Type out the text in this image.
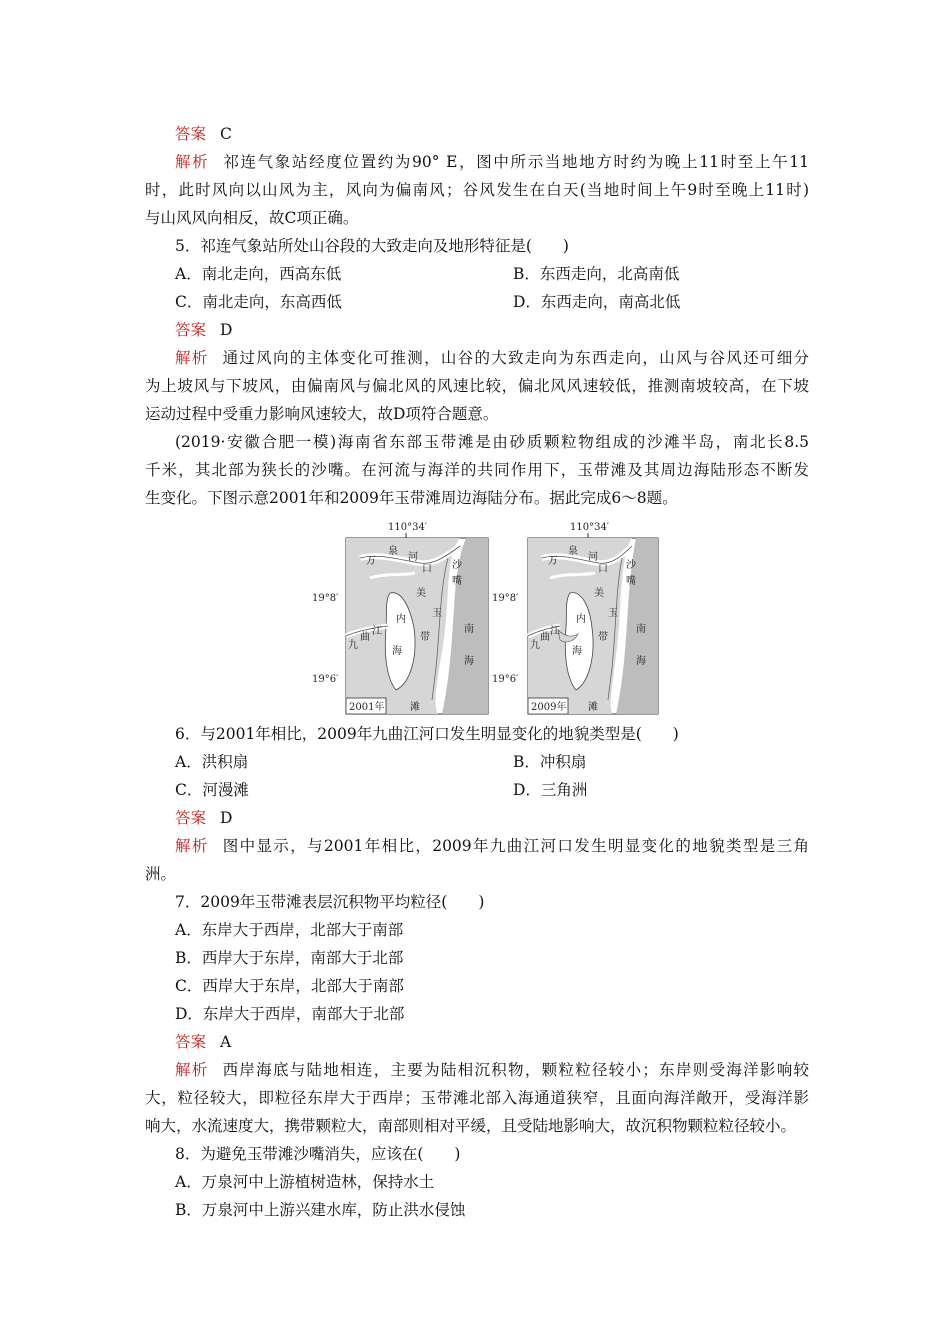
答案 C
解析 祁连气象站经度位置约为90° E，图中所示当地地方时约为晚上11时至上午11
时，此时风向以山风为主，风向为偏南风；谷风发生在白天(当地时间上午9时至晚上11时)
与山风风向相反，故C项正确。
5．祁连气象站所处山谷段的大致走向及地形特征是(　　)
A．南北走向，西高东低	B．东西走向，北高南低
C．南北走向，东高西低	D．东西走向，南高北低
答案 D
解析 通过风向的主体变化可推测，山谷的大致走向为东西走向，山风与谷风还可细分
为上坡风与下坡风，由偏南风与偏北风的风速比较，偏北风风速较低，推测南坡较高，在下坡
运动过程中受重力影响风速较大，故D项符合题意。
(2019·安徽合肥一模)海南省东部玉带滩是由砂质颗粒物组成的沙滩半岛，南北长8.5
千米，其北部为狭长的沙嘴。在河流与海洋的共同作用下，玉带滩及其周边海陆形态不断发
生变化。下图示意2001年和2009年玉带滩周边海陆分布。据此完成6～8题。
110°34′
19°8′
19°6′
万
泉
河
口 沙
嘴
美
玉
带
滩
内
海
九
曲
江	南
海
2001年
110°34′
19°8′
19°6′
万
泉
河
口 沙
嘴
美
玉
带
滩
内
海
九
曲
江	南
海
2009年
6．与2001年相比，2009年九曲江河口发生明显变化的地貌类型是(　　)
A．洪积扇	B．冲积扇
C．河漫滩	D．三角洲
答案 D
解析 图中显示，与2001年相比，2009年九曲江河口发生明显变化的地貌类型是三角
洲。
7．2009年玉带滩表层沉积物平均粒径(　　)
A．东岸大于西岸，北部大于南部
B．西岸大于东岸，南部大于北部
C．西岸大于东岸，北部大于南部
D．东岸大于西岸，南部大于北部
答案 A
解析 西岸海底与陆地相连，主要为陆相沉积物，颗粒粒径较小；东岸则受海洋影响较
大，粒径较大，即粒径东岸大于西岸；玉带滩北部入海通道狭窄，且面向海洋敞开，受海洋影
响大，水流速度大，携带颗粒大，南部则相对平缓，且受陆地影响大，故沉积物颗粒粒径较小。
8．为避免玉带滩沙嘴消失，应该在(　　)
A．万泉河中上游植树造林，保持水土
B．万泉河中上游兴建水库，防止洪水侵蚀
